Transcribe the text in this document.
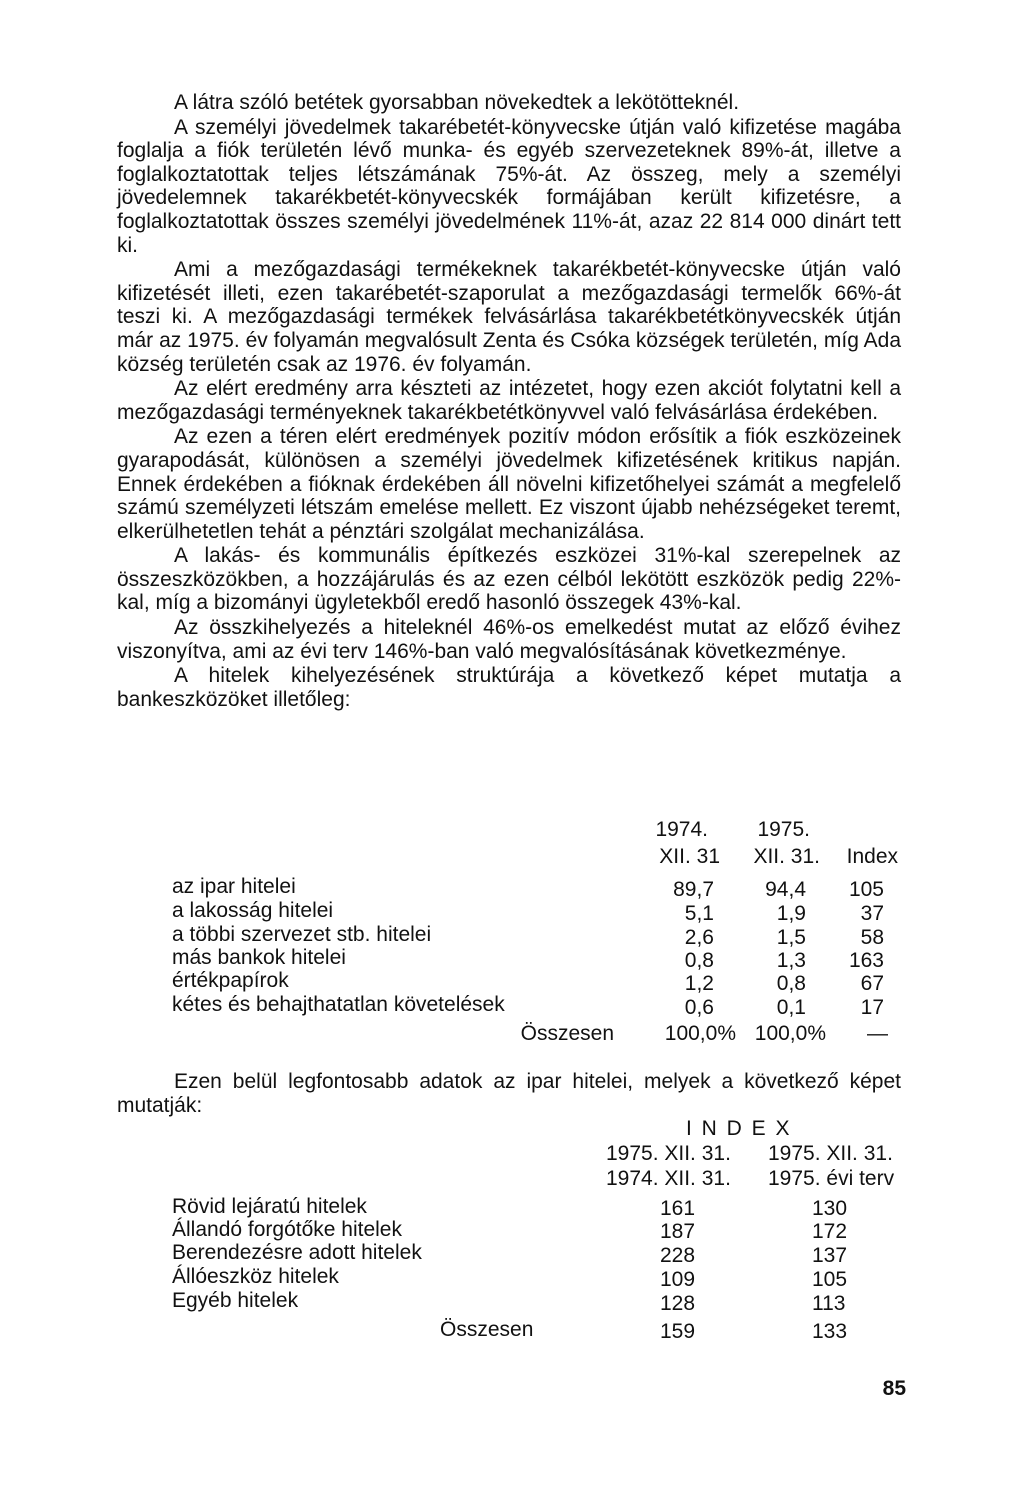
A látra szóló betétek gyorsabban növekedtek a lekötötteknél.

A személyi jövedelmek takarébetét-könyvecske útján való kifizetése magába foglalja a fiók területén lévő munka- és egyéb szervezeteknek 89%-át, illetve a foglalkoztatottak teljes létszámának 75%-át. Az összeg, mely a személyi jövedelemnek takarékbetét-könyvecskék formájában került kifizetésre, a foglalkoztatottak összes személyi jövedelmének 11%-át, azaz 22 814 000 dinárt tett ki.

Ami a mezőgazdasági termékeknek takarékbetét-könyvecske útján való kifizetését illeti, ezen takarébetét-szaporulat a mezőgazdasági termelők 66%-át teszi ki. A mezőgazdasági termékek felvásárlása takarékbetétkönyvecskék útján már az 1975. év folyamán megvalósult Zenta és Csóka községek területén, míg Ada község területén csak az 1976. év folyamán.

Az elért eredmény arra készteti az intézetet, hogy ezen akciót folytatni kell a mezőgazdasági terményeknek takarékbetétkönyvvel való felvásárlása érdekében.

Az ezen a téren elért eredmények pozitív módon erősítik a fiók eszközeinek gyarapodását, különösen a személyi jövedelmek kifizetésének kritikus napján. Ennek érdekében a fióknak érdekében áll növelni kifizetőhelyei számát a megfelelő számú személyzeti létszám emelése mellett. Ez viszont újabb nehézségeket teremt, elkerülhetetlen tehát a pénztári szolgálat mechanizálása.

A lakás- és kommunális építkezés eszközei 31%-kal szerepelnek az összeszközökben, a hozzájárulás és az ezen célból lekötött eszközök pedig 22%-kal, míg a bizományi ügyletekből eredő hasonló összegek 43%-kal.

Az összkihelyezés a hiteleknél 46%-os emelkedést mutat az előző évihez viszonyítva, ami az évi terv 146%-ban való megvalósításának következménye.

A hitelek kihelyezésének struktúrája a következő képet mutatja a bankeszközöket illetőleg:

1974.	1975.
XII. 31	XII. 31.	Index
az ipar hitelei	89,7	94,4	105
a lakosság hitelei	5,1	1,9	37
a többi szervezet stb. hitelei	2,6	1,5	58
más bankok hitelei	0,8	1,3	163
értékpapírok	1,2	0,8	67
kétes és behajthatatlan követelések	0,6	0,1	17
Összesen	100,0% 100,0%	—

Ezen belül legfontosabb adatok az ipar hitelei, melyek a következő képet mutatják:

I N D E X
1975. XII. 31. 1975. XII. 31.
1974. XII. 31. 1975. évi terv
Rövid lejáratú hitelek	161	130
Állandó forgótőke hitelek	187	172
Berendezésre adott hitelek	228	137
Állóeszköz hitelek	109	105
Egyéb hitelek	128	113
Összesen	159	133
85
